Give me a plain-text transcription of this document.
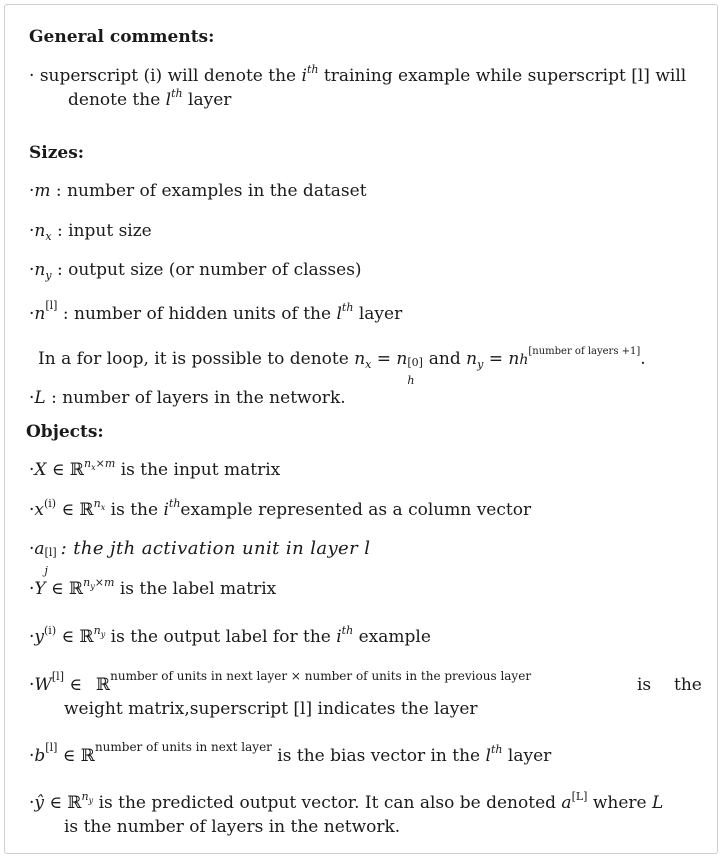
General comments:
· superscript (i) will denote the $i^{th}$ training example while superscript [l] will
denote the $l^{th}$ layer
Sizes:
·m : number of examples in the dataset
$\cdot n_x$ : input size
$\cdot n_y$ : output size (or number of classes)
·n[l] : number of hidden units of the $l^{th}$ layer
In a for loop, it is possible to denote $n_x = n$ [0]
h
and $n_y = nh[number of layers +1]$.
·L : number of layers in the network.
Objects:
·X ∈ ℝ$^{nx\times m}$ is the input matrix
$\cdot x^{(i)}$ ∈ ℝ$^{nx}$ is the $i^{th}example$ represented as a column vector
·a [l]
j
: the jth activation unit in layer l
·Y ∈ ℝ$^{ny\times m}$ is the label matrix
$\cdot y^{(i)}$ ∈ ℝ$^{ny}$ is the output label for the $i^{th}$ example
·W[l] ∈ ℝ$^{number of units in next layer \times number of units in the previous layer}$	is the
weight matrix,superscript [l] indicates the layer
·b[l] ∈ ℝ$^{number of units in next layer}$ is the bias vector in the $l^{th}$ layer
·ŷ ∈ ℝ$^{ny}$ is the predicted output vector. It can also be denoted a[L] where L
is the number of layers in the network.
